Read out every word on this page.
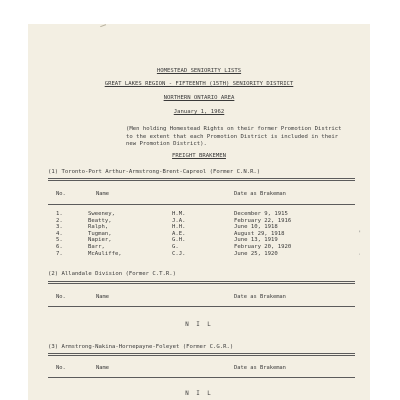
HOMESTEAD SENIORITY LISTS
GREAT LAKES REGION - FIFTEENTH (15TH) SENIORITY DISTRICT
NORTHERN ONTARIO AREA
January 1, 1962
(Men holding Homestead Rights on their former Promotion District
to the extent that each Promotion District is included in their
new Promotion District).
FREIGHT BRAKEMEN
(1) Toronto-Port Arthur-Armstrong-Brent-Capreol (Former C.N.R.)
No.	Name	Date as Brakeman
1.	Sweeney,	H.M.	December 9, 1915
2.	Beatty,	J.A.	February 22, 1916
3.	Ralph,	H.H.	June 10, 1918
4.	Tugman,	A.E.	August 29, 1918
5.	Napier,	G.H.	June 13, 1919
6.	Barr,	G.	February 20, 1920
7.	McAuliffe,	C.J.	June 25, 1920
(2) Allandale Division (Former C.T.R.)
No.	Name	Date as Brakeman
N I L
(3) Armstrong-Nakina-Hornepayne-Foleyet (Former C.G.R.)
No.	Name	Date as Brakeman
N I L
'
·
